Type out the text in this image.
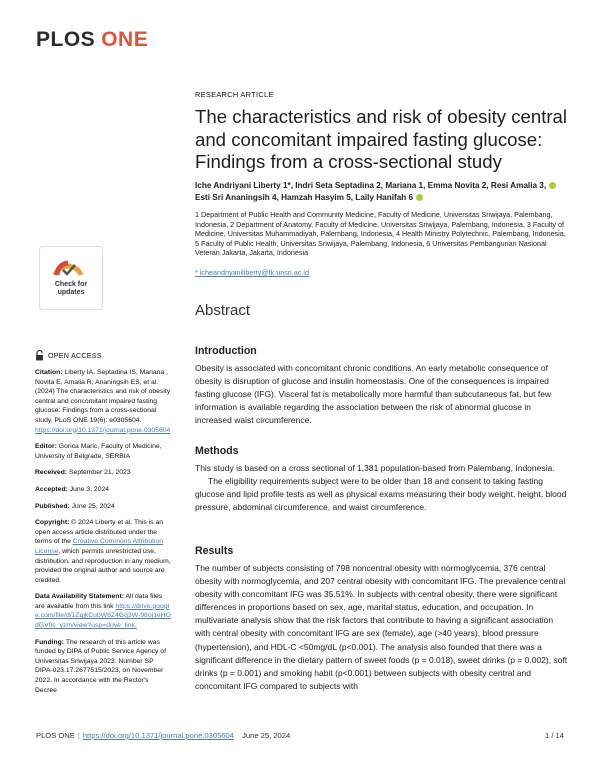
PLOS ONE
Check for
updates
OPEN ACCESS
Citation: Liberty IA, Septadina IS, Mariana , Novita E, Amalia R, Ananingsih ES, et al. (2024) The characteristics and risk of obesity central and concomitant impaired fasting glucose: Findings from a cross-sectional study. PLoS ONE 19(6): e0305604. https://doi.org/10.1371/journal.pone.0305604
Editor: Gorica Maric, Faculty of Medicine, University of Belgrade, SERBIA
Received: September 21, 2023
Accepted: June 3, 2024
Published: June 25, 2024
Copyright: © 2024 Liberty et al. This is an open access article distributed under the terms of the Creative Commons Attribution License, which permits unrestricted use, distribution, and reproduction in any medium, provided the original author and source are credited.
Data Availability Statement: All data files are available from this link https://drive.google.com/file/d/1ZqjkCubW8Z4Gq3W-98oj1eHOdGV0c_yzm/view?usp=drive_link.
Funding: The research of this article was funded by DIPA of Public Service Agency of Universitas Sriwijaya 2023. Number SP DIPA-023.17.2677515/2023, on November 2022. In accordance with the Rector's Decree
RESEARCH ARTICLE
The characteristics and risk of obesity central and concomitant impaired fasting glucose: Findings from a cross-sectional study
Iche Andriyani Liberty 1*, Indri Seta Septadina 2, Mariana 1, Emma Novita 2, Resi Amalia 3,
Esti Sri Ananingsih 4, Hamzah Hasyim 5, Laily Hanifah 6
1 Department of Public Health and Community Medicine, Faculty of Medicine, Universitas Sriwijaya, Palembang, Indonesia, 2 Department of Anatomy, Faculty of Medicine, Universitas Sriwijaya, Palembang, Indonesia, 3 Faculty of Medicine, Universitas Muhammadiyah, Palembang, Indonesia, 4 Health Ministry Polytechnic, Palembang, Indonesia, 5 Faculty of Public Health, Universitas Sriwijaya, Palembang, Indonesia, 6 Universitas Pembangunan Nasional Veteran Jakarta, Jakarta, Indonesia
* icheandriyaniliberty@fk.unsri.ac.id
Abstract
Introduction

Obesity is associated with concomitant chronic conditions. An early metabolic consequence of obesity is disruption of glucose and insulin homeostasis. One of the consequences is impaired fasting glucose (IFG). Visceral fat is metabolically more harmful than subcutaneous fat, but few information is available regarding the association between the risk of abnormal glucose in increased waist circumference.

Methods

This study is based on a cross sectional of 1,381 population-based from Palembang, Indonesia.

The eligibility requirements subject were to be older than 18 and consent to taking fasting glucose and lipid profile tests as well as physical exams measuring their body weight, height, blood pressure, abdominal circumference, and waist circumference.

Results

The number of subjects consisting of 798 noncentral obesity with normoglycemia, 376 central obesity with normoglycemia, and 207 central obesity with concomitant IFG. The prevalence central obesity with concomitant IFG was 35.51%. In subjects with central obesity, there were significant differences in proportions based on sex, age, marital status, education, and occupation. In multivariate analysis show that the risk factors that contribute to having a significant association with central obesity with concomitant IFG are sex (female), age (>40 years), blood pressure (hypertension), and HDL-C <50mg/dL (p<0.001). The analysis also founded that there was a significant difference in the dietary pattern of sweet foods (p = 0.018), sweet drinks (p = 0.002), soft drinks (p = 0.001) and smoking habit (p<0.001) between subjects with obesity central and concomitant IFG compared to subjects with

PLOS ONE | https://doi.org/10.1371/journal.pone.0305604 June 25, 2024	1 / 14
